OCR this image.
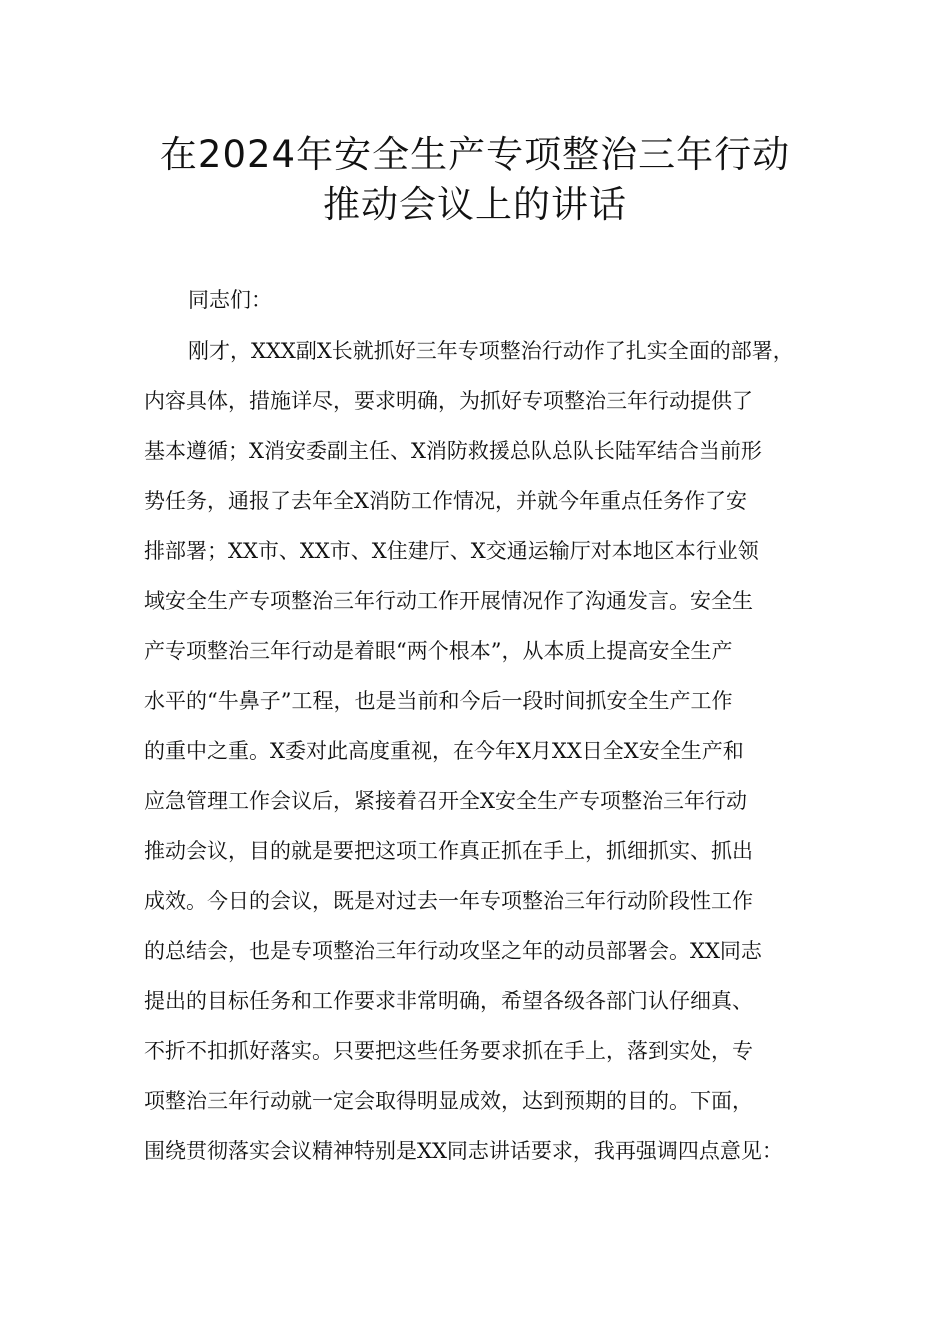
在2024年安全生产专项整治三年行动
推动会议上的讲话
同志们：
刚才，XXX副X长就抓好三年专项整治行动作了扎实全面的部署，
内容具体，措施详尽，要求明确，为抓好专项整治三年行动提供了
基本遵循；X消安委副主任、X消防救援总队总队长陆军结合当前形
势任务，通报了去年全X消防工作情况，并就今年重点任务作了安
排部署；XX市、XX市、X住建厅、X交通运输厅对本地区本行业领
域安全生产专项整治三年行动工作开展情况作了沟通发言。安全生
产专项整治三年行动是着眼“两个根本”，从本质上提高安全生产
水平的“牛鼻子”工程，也是当前和今后一段时间抓安全生产工作
的重中之重。X委对此高度重视，在今年X月XX日全X安全生产和
应急管理工作会议后，紧接着召开全X安全生产专项整治三年行动
推动会议，目的就是要把这项工作真正抓在手上，抓细抓实、抓出
成效。今日的会议，既是对过去一年专项整治三年行动阶段性工作
的总结会，也是专项整治三年行动攻坚之年的动员部署会。XX同志
提出的目标任务和工作要求非常明确，希望各级各部门认仔细真、
不折不扣抓好落实。只要把这些任务要求抓在手上，落到实处，专
项整治三年行动就一定会取得明显成效，达到预期的目的。下面，
围绕贯彻落实会议精神特别是XX同志讲话要求，我再强调四点意见：
